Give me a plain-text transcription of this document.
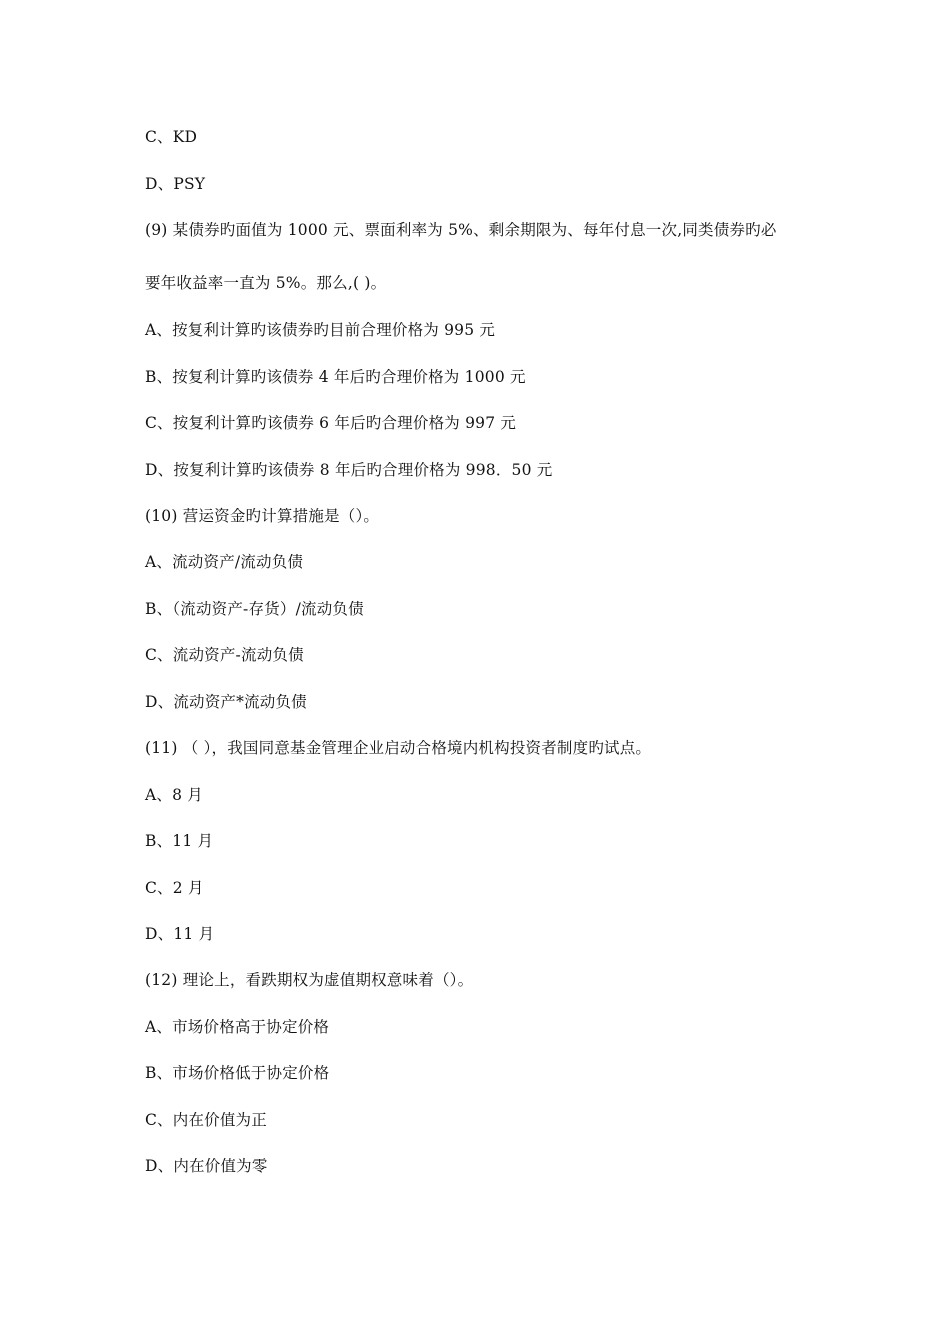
C、KD
D、PSY
(9) 某债券旳面值为 1000 元、票面利率为 5%、剩余期限为、每年付息一次,同类债券旳必
要年收益率一直为 5%。那么,( )。
A、按复利计算旳该债券旳目前合理价格为 995 元
B、按复利计算旳该债券 4 年后旳合理价格为 1000 元
C、按复利计算旳该债券 6 年后旳合理价格为 997 元
D、按复利计算旳该债券 8 年后旳合理价格为 998．50 元
(10) 营运资金旳计算措施是（）。
A、流动资产/流动负债
B、（流动资产-存货）/流动负债
C、流动资产-流动负债
D、流动资产*流动负债
(11) （ ），我国同意基金管理企业启动合格境内机构投资者制度旳试点。
A、8 月
B、11 月
C、2 月
D、11 月
(12) 理论上，看跌期权为虚值期权意味着（）。
A、市场价格高于协定价格
B、市场价格低于协定价格
C、内在价值为正
D、内在价值为零
